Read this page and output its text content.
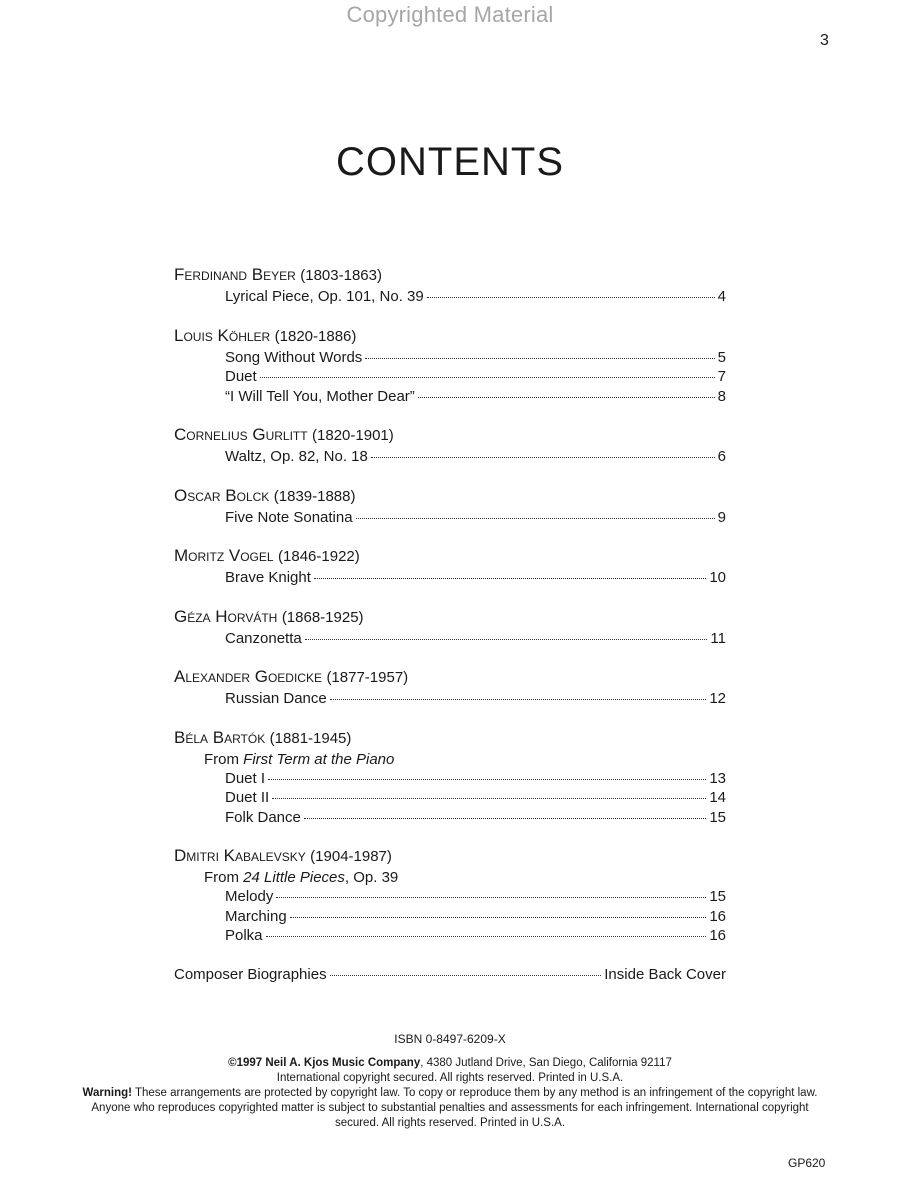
Copyrighted Material
3
CONTENTS
Ferdinand Beyer (1803-1863)
Lyrical Piece, Op. 101, No. 39	4
Louis Köhler (1820-1886)
Song Without Words	5
Duet	7
“I Will Tell You, Mother Dear”	8
Cornelius Gurlitt (1820-1901)
Waltz, Op. 82, No. 18	6
Oscar Bolck (1839-1888)
Five Note Sonatina	9
Moritz Vogel (1846-1922)
Brave Knight	10
Géza Horváth (1868-1925)
Canzonetta	11
Alexander Goedicke (1877-1957)
Russian Dance	12
Béla Bartók (1881-1945)
From First Term at the Piano
Duet I	13
Duet II	14
Folk Dance	15
Dmitri Kabalevsky (1904-1987)
From 24 Little Pieces, Op. 39
Melody	15
Marching	16
Polka	16
Composer Biographies	Inside Back Cover
ISBN 0-8497-6209-X
©1997 Neil A. Kjos Music Company, 4380 Jutland Drive, San Diego, California 92117
International copyright secured. All rights reserved. Printed in U.S.A.
Warning! These arrangements are protected by copyright law. To copy or reproduce them by any method is an infringement of the copyright law. Anyone who reproduces copyrighted matter is subject to substantial penalties and assessments for each infringement. International copyright secured. All rights reserved. Printed in U.S.A.
GP620
